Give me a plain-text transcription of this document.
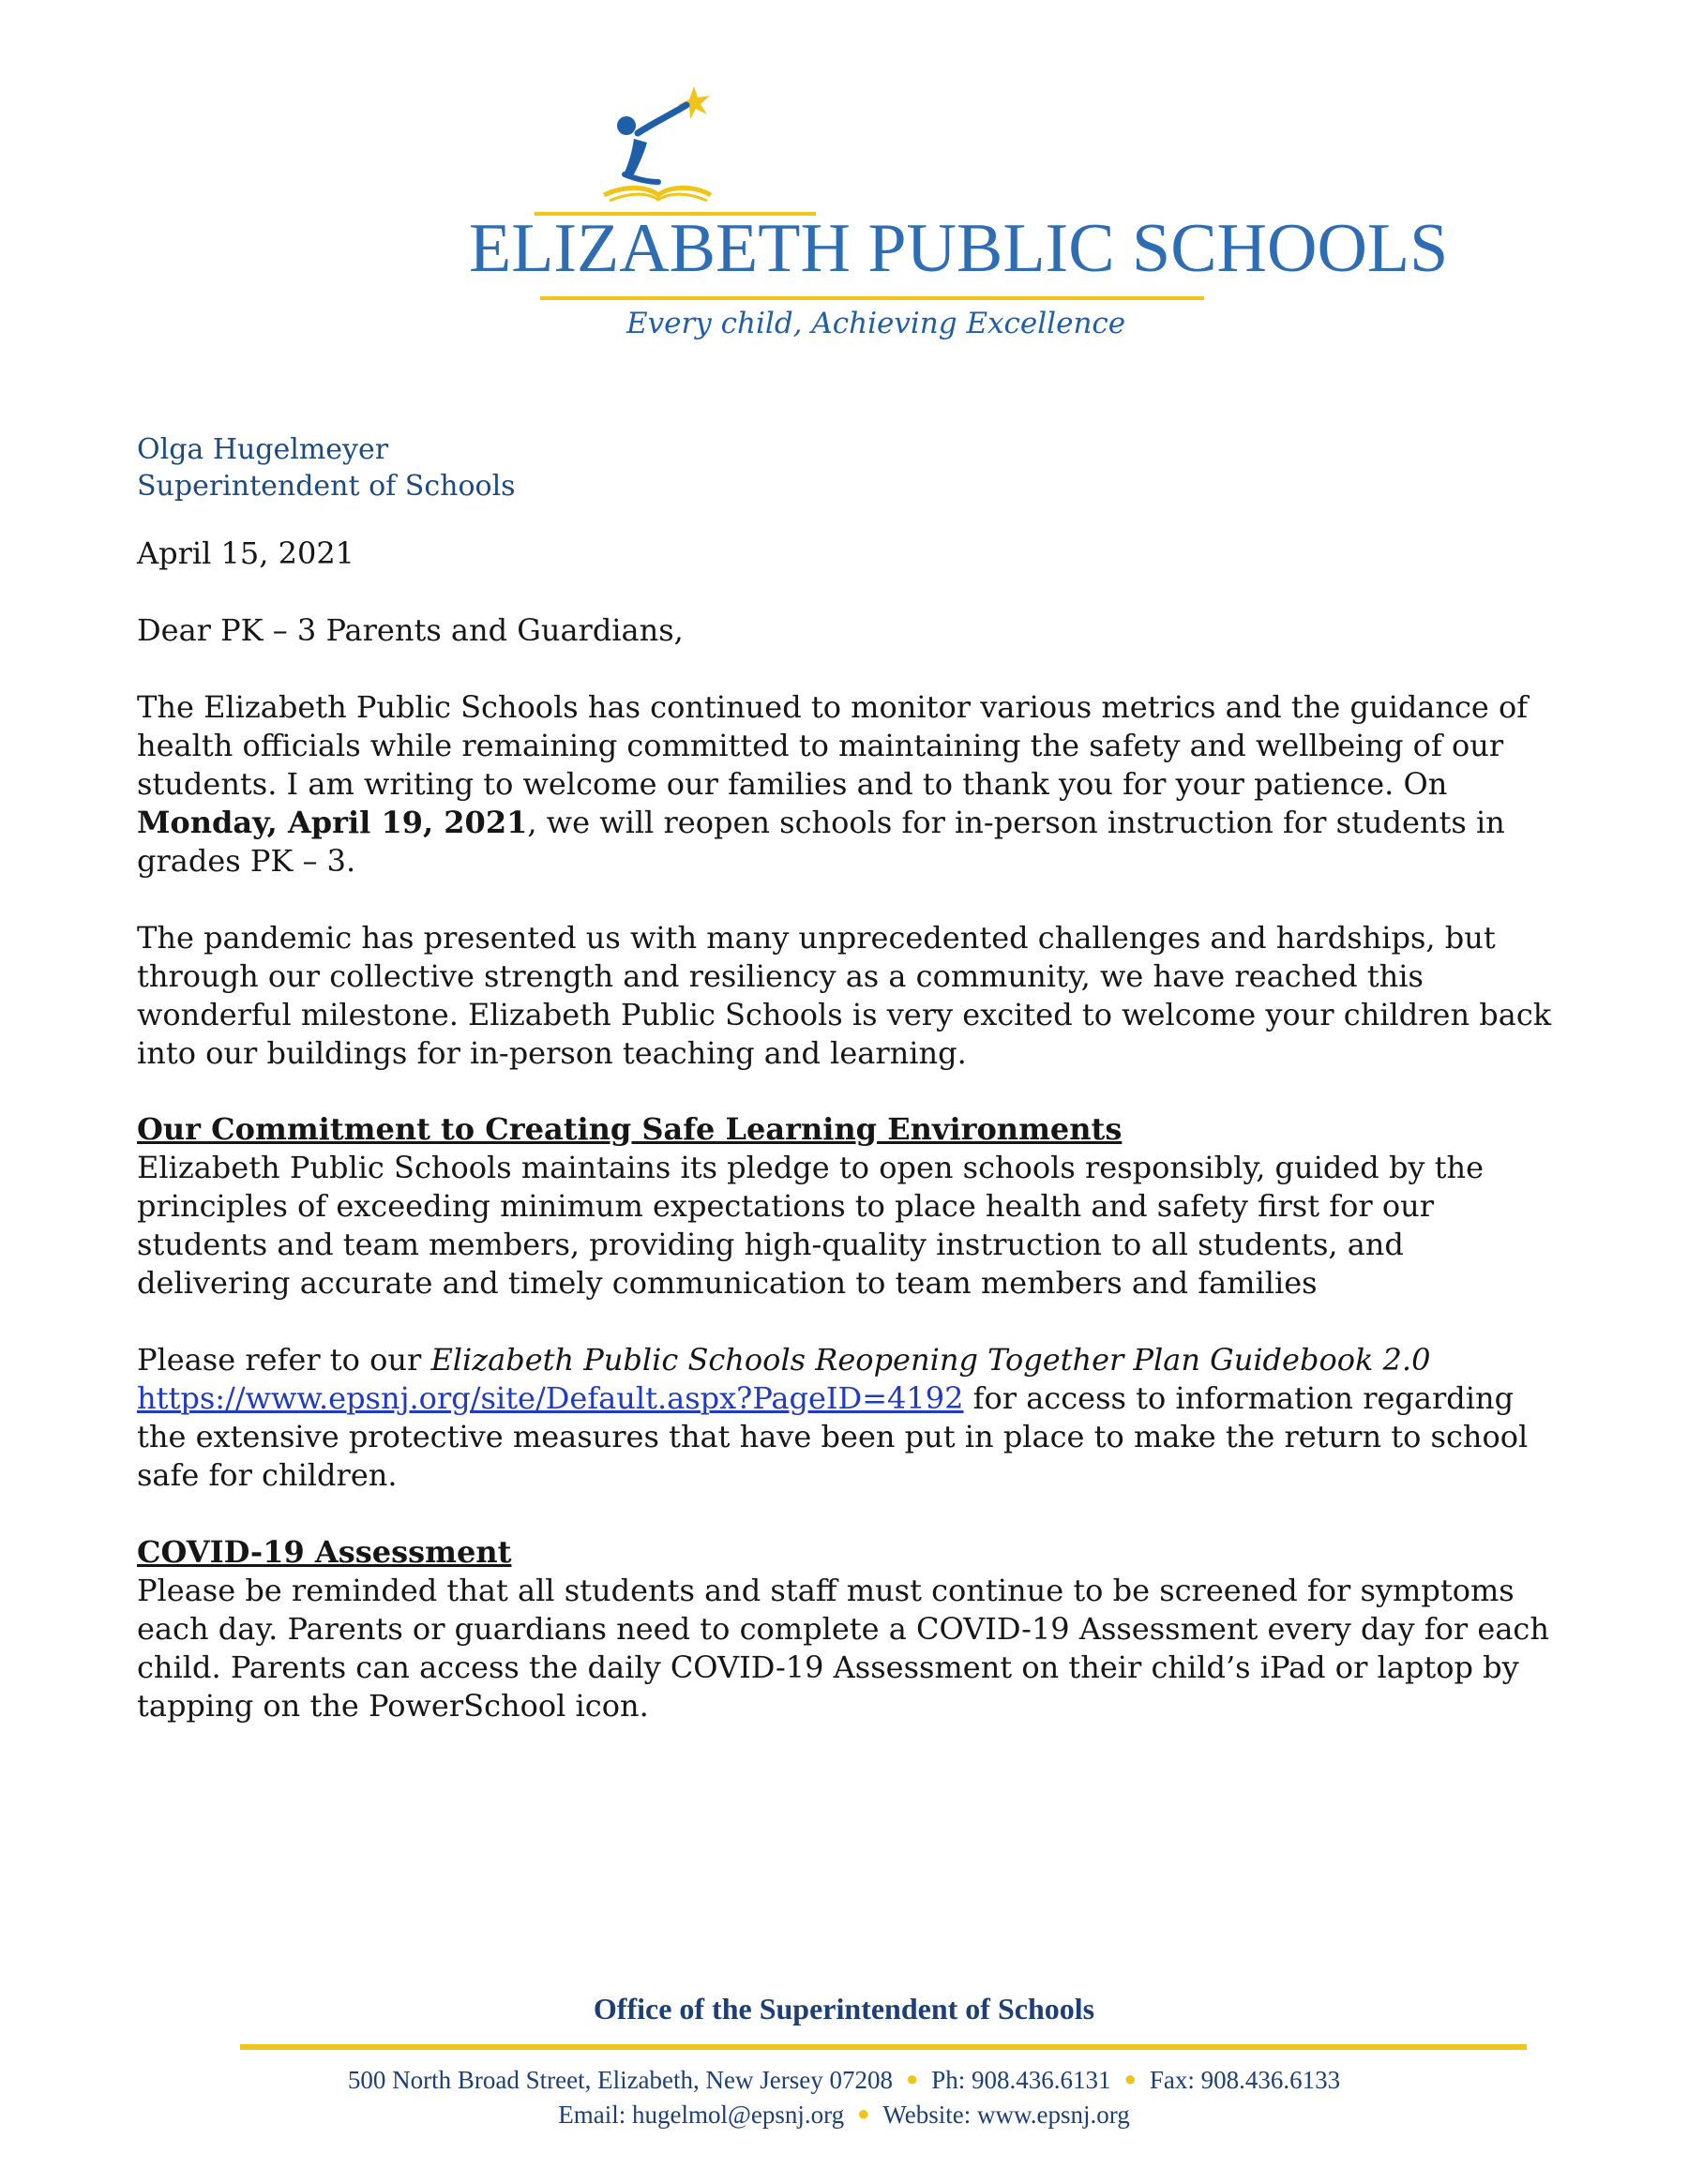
ELIZABETH PUBLIC SCHOOLS
Every child, Achieving Excellence
Olga Hugelmeyer
Superintendent of Schools
April 15, 2021
Dear PK – 3 Parents and Guardians,
The Elizabeth Public Schools has continued to monitor various metrics and the guidance of health officials while remaining committed to maintaining the safety and wellbeing of our students. I am writing to welcome our families and to thank you for your patience. On Monday, April 19, 2021, we will reopen schools for in-person instruction for students in grades PK – 3.
The pandemic has presented us with many unprecedented challenges and hardships, but through our collective strength and resiliency as a community, we have reached this wonderful milestone. Elizabeth Public Schools is very excited to welcome your children back into our buildings for in-person teaching and learning.
Our Commitment to Creating Safe Learning Environments
Elizabeth Public Schools maintains its pledge to open schools responsibly, guided by the principles of exceeding minimum expectations to place health and safety first for our students and team members, providing high-quality instruction to all students, and delivering accurate and timely communication to team members and families
Please refer to our Elizabeth Public Schools Reopening Together Plan Guidebook 2.0
https://www.epsnj.org/site/Default.aspx?PageID=4192 for access to information regarding the extensive protective measures that have been put in place to make the return to school safe for children.
COVID-19 Assessment
Please be reminded that all students and staff must continue to be screened for symptoms each day. Parents or guardians need to complete a COVID-19 Assessment every day for each child. Parents can access the daily COVID-19 Assessment on their child’s iPad or laptop by tapping on the PowerSchool icon.
Office of the Superintendent of Schools
500 North Broad Street, Elizabeth, New Jersey 07208 ● Ph: 908.436.6131 ● Fax: 908.436.6133
Email: hugelmol@epsnj.org ● Website: www.epsnj.org
